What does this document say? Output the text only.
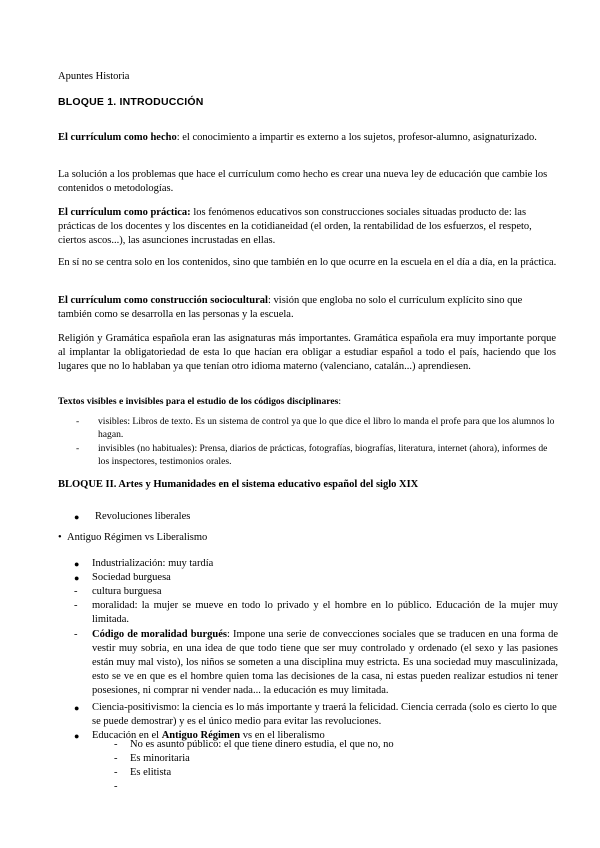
Apuntes Historia
BLOQUE 1. INTRODUCCIÓN
El currículum como hecho: el conocimiento a impartir es externo a los sujetos, profesor-alumno, asignaturizado.
La solución a los problemas que hace el currículum como hecho es crear una nueva ley de educación que cambie los contenidos o metodologías.
El currículum como práctica: los fenómenos educativos son construcciones sociales situadas producto de: las prácticas de los docentes y los discentes en la cotidianeidad (el orden, la rentabilidad de los esfuerzos, el respeto, ciertos ascos...), las asunciones incrustadas en ellas.
En sí no se centra solo en los contenidos, sino que también en lo que ocurre en la escuela en el día a día, en la práctica.
El currículum como construcción sociocultural: visión que engloba no solo el currículum explícito sino que también como se desarrolla en las personas y la escuela.
Religión y Gramática española eran las asignaturas más importantes. Gramática española era muy importante porque al implantar la obligatoriedad de esta lo que hacían era obligar a estudiar español a todo el país, haciendo que los lugares que no lo hablaban ya que tenían otro idioma materno (valenciano, catalán...) aprendiesen.
Textos visibles e invisibles para el estudio de los códigos disciplinares:
- visibles: Libros de texto. Es un sistema de control ya que lo que dice el libro lo manda el profe para que los alumnos lo hagan.
- invisibles (no habituales): Prensa, diarios de prácticas, fotografías, biografías, literatura, internet (ahora), informes de los inspectores, testimonios orales.
BLOQUE II. Artes y Humanidades en el sistema educativo español del siglo XIX
● Revoluciones liberales
• Antiguo Régimen vs Liberalismo
● Industrialización: muy tardía
● Sociedad burguesa
- cultura burguesa
- moralidad: la mujer se mueve en todo lo privado y el hombre en lo público. Educación de la mujer muy limitada.
- Código de moralidad burgués: Impone una serie de convecciones sociales que se traducen en una forma de vestir muy sobria, en una idea de que todo tiene que ser muy controlado y ordenado (el sexo y las pasiones están muy mal visto), los niños se someten a una disciplina muy estricta. Es una sociedad muy masculinizada, esto se ve en que es el hombre quien toma las decisiones de la casa, ni estas pueden realizar estudios ni tener posesiones, ni comprar ni vender nada... la educación es muy limitada.
● Ciencia-positivismo: la ciencia es lo más importante y traerá la felicidad. Ciencia cerrada (solo es cierto lo que se puede demostrar) y es el único medio para evitar las revoluciones.
● Educación en el Antiguo Régimen vs en el liberalismo
- No es asunto público: el que tiene dinero estudia, el que no, no
- Es minoritaria
- Es elitista
-
